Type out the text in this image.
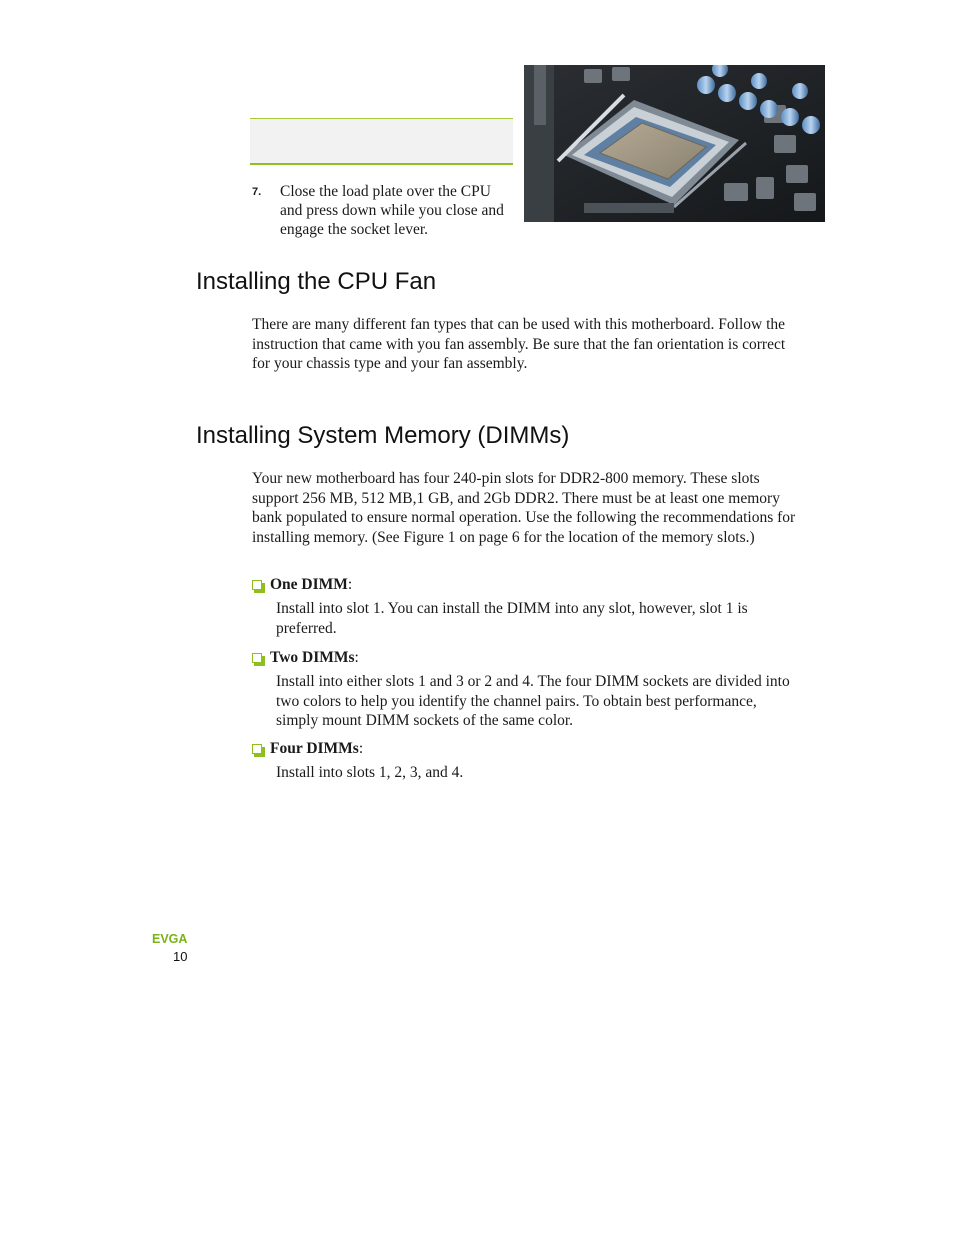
7. Close the load plate over the CPU and press down while you close and engage the socket lever.
Installing the CPU Fan

There are many different fan types that can be used with this motherboard. Follow the instruction that came with you fan assembly. Be sure that the fan orientation is correct for your chassis type and your fan assembly.

Installing System Memory (DIMMs)

Your new motherboard has four 240-pin slots for DDR2-800 memory. These slots support 256 MB, 512 MB,1 GB, and 2Gb DDR2. There must be at least one memory bank populated to ensure normal operation. Use the following the recommendations for installing memory. (See Figure 1 on page 6 for the location of the memory slots.)

One DIMM:

Install into slot 1. You can install the DIMM into any slot, however, slot 1 is preferred.

Two DIMMs:

Install into either slots 1 and 3 or 2 and 4. The four DIMM sockets are divided into two colors to help you identify the channel pairs. To obtain best performance, simply mount DIMM sockets of the same color.

Four DIMMs:

Install into slots 1, 2, 3, and 4.

EVGA
10
